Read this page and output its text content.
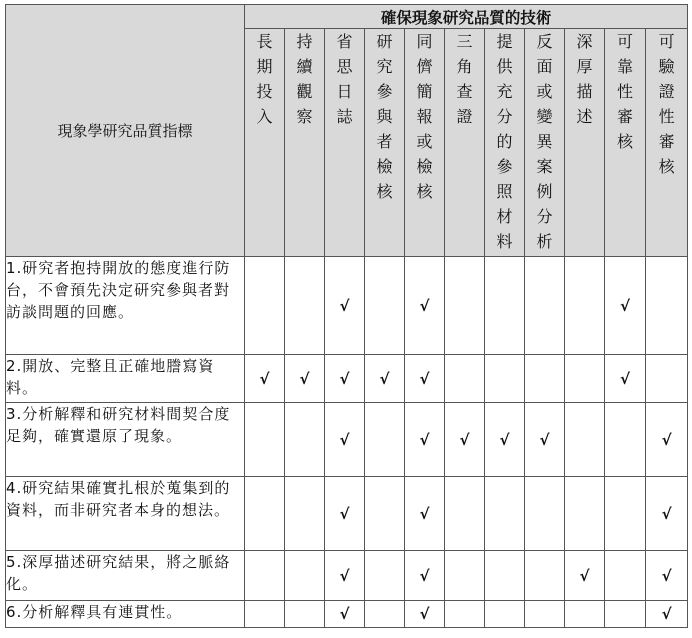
現象學研究品質指標	確保現象研究品質的技術										

	長期投入	持續觀察	省思日誌	研究參與者檢核	同儕簡報或檢核	三角查證	提供充分的參照材料	反面或變異案例分析	深厚描述	可靠性審核	可驗證性審核

1.研究者抱持開放的態度進行防台，不會預先決定研究參與者對訪談問題的回應。			√		√					√	
2.開放、完整且正確地謄寫資料。	√	√	√	√	√					√	
3.分析解釋和研究材料間契合度足夠，確實還原了現象。			√		√	√	√	√			√
4.研究結果確實扎根於蒐集到的資料，而非研究者本身的想法。			√		√						√
5.深厚描述研究結果，將之脈絡化。			√		√				√		√
6.分析解釋具有連貫性。			√		√						√
